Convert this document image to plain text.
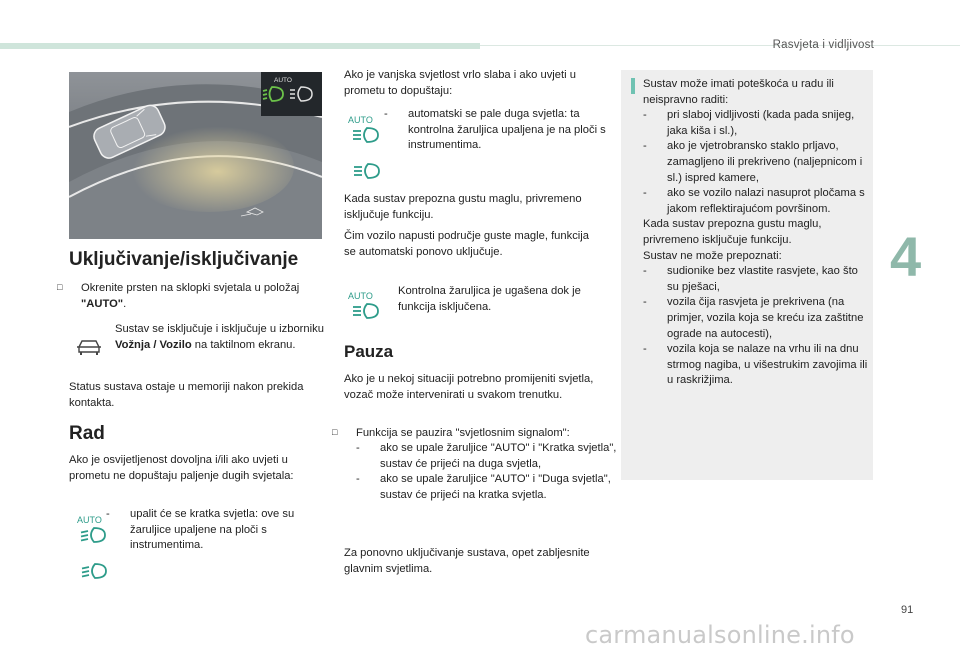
Rasvjeta i vidljivost
4
AUTO
Uključivanje/isključivanje
□ Okrenite prsten na sklopki svjetala u položaj "AUTO".
Sustav se isključuje i isključuje u izborniku Vožnja / Vozilo na taktilnom ekranu.
Status sustava ostaje u memoriji nakon prekida kontakta.
Rad
Ako je osvijetljenost dovoljna i/ili ako uvjeti u prometu ne dopuštaju paljenje dugih svjetala:
AUTO - upalit će se kratka svjetla: ove su žaruljice upaljene na ploči s instrumentima.
Ako je vanjska svjetlost vrlo slaba i ako uvjeti u prometu to dopuštaju:
AUTO - automatski se pale duga svjetla: ta kontrolna žaruljica upaljena je na ploči s instrumentima.
Kada sustav prepozna gustu maglu, privremeno isključuje funkciju.
Čim vozilo napusti područje guste magle, funkcija se automatski ponovo uključuje.
AUTO Kontrolna žaruljica je ugašena dok je funkcija isključena.
Pauza
Ako je u nekoj situaciji potrebno promijeniti svjetla, vozač može intervenirati u svakom trenutku.
□ Funkcija se pauzira "svjetlosnim signalom":
- ako se upale žaruljice "AUTO" i "Kratka svjetla", sustav će prijeći na duga svjetla,
- ako se upale žaruljice "AUTO" i "Duga svjetla", sustav će prijeći na kratka svjetla.
Za ponovno uključivanje sustava, opet zabljesnite glavnim svjetlima.
Sustav može imati poteškoća u radu ili neispravno raditi:
- pri slaboj vidljivosti (kada pada snijeg, jaka kiša i sl.),
- ako je vjetrobransko staklo prljavo, zamagljeno ili prekriveno (naljepnicom i sl.) ispred kamere,
- ako se vozilo nalazi nasuprot pločama s jakom reflektirajućom površinom.
Kada sustav prepozna gustu maglu, privremeno isključuje funkciju.
Sustav ne može prepoznati:
- sudionike bez vlastite rasvjete, kao što su pješaci,
- vozila čija rasvjeta je prekrivena (na primjer, vozila koja se kreću iza zaštitne ograde na autocesti),
- vozila koja se nalaze na vrhu ili na dnu strmog nagiba, u višestrukim zavojima ili u raskrižjima.
91
carmanualsonline.info
